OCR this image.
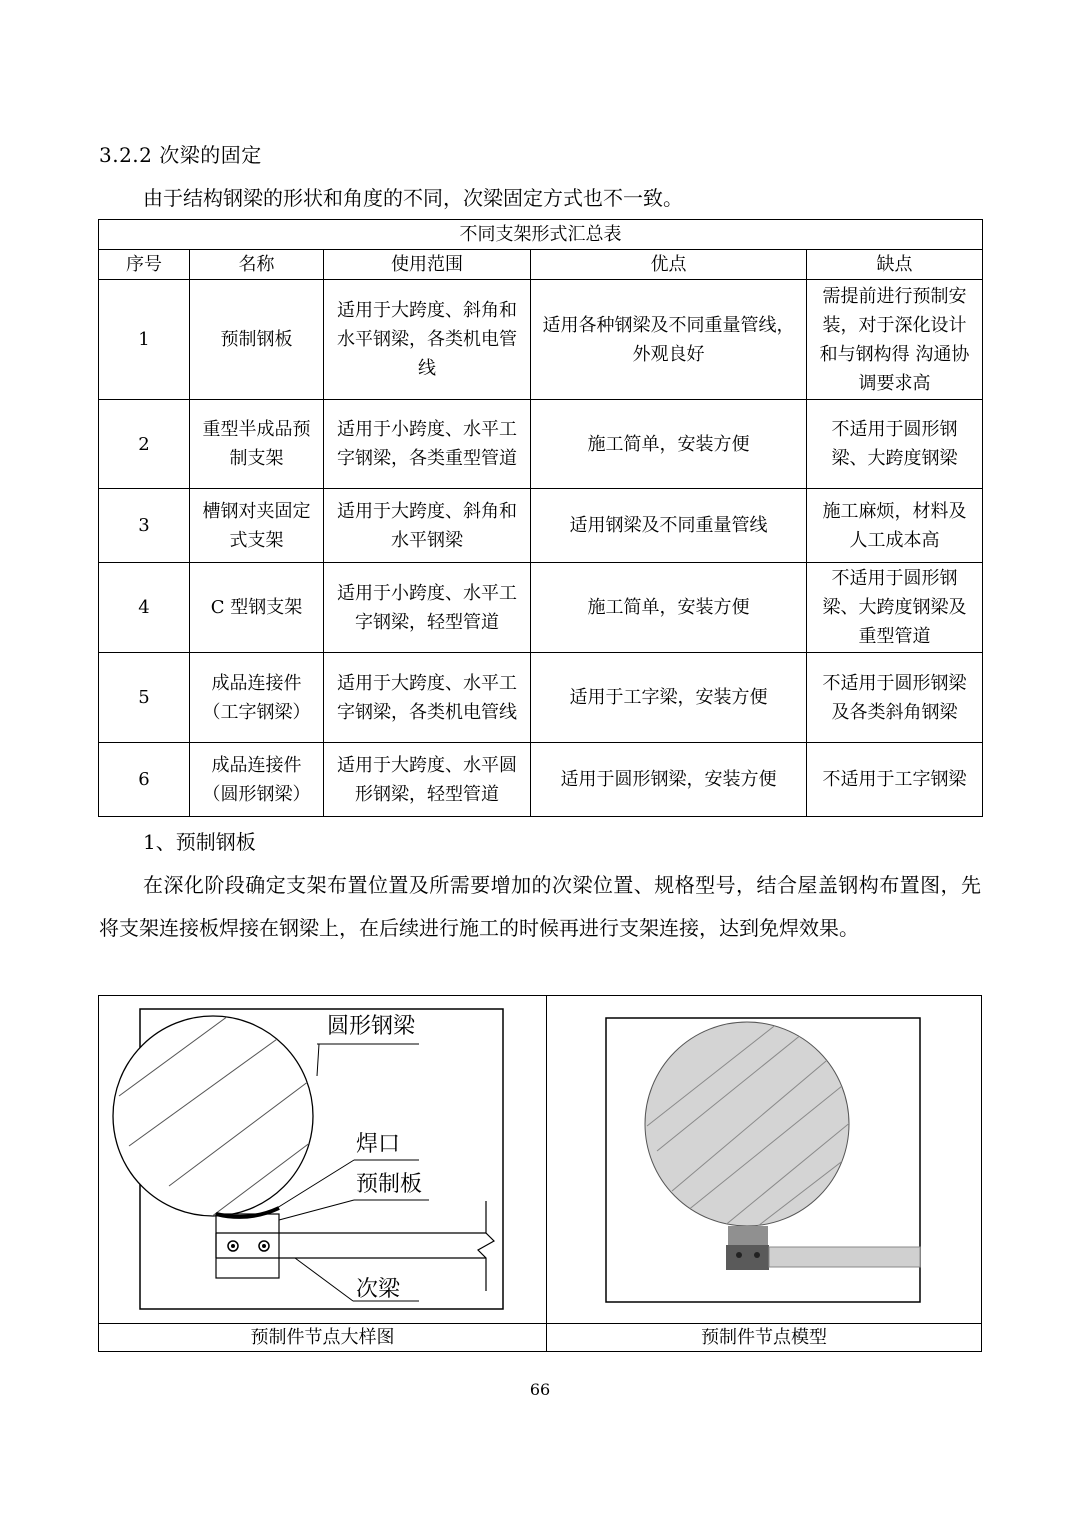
3.2.2 次梁的固定
由于结构钢梁的形状和角度的不同，次梁固定方式也不一致。
不同支架形式汇总表				
序号	名称	使用范围	优点	缺点
1	预制钢板	适用于大跨度、斜角和水平钢梁，各类机电管线	适用各种钢梁及不同重量管线，外观良好	需提前进行预制安装，对于深化设计和与钢构得 沟通协调要求高
2	重型半成品预制支架	适用于小跨度、水平工字钢梁，各类重型管道	施工简单，安装方便	不适用于圆形钢梁、大跨度钢梁
3	槽钢对夹固定式支架	适用于大跨度、斜角和水平钢梁	适用钢梁及不同重量管线	施工麻烦，材料及人工成本高
4	C 型钢支架	适用于小跨度、水平工字钢梁，轻型管道	施工简单，安装方便	不适用于圆形钢梁、大跨度钢梁及重型管道
5	成品连接件（工字钢梁）	适用于大跨度、水平工字钢梁，各类机电管线	适用于工字梁，安装方便	不适用于圆形钢梁及各类斜角钢梁
6	成品连接件（圆形钢梁）	适用于大跨度、水平圆形钢梁，轻型管道	适用于圆形钢梁，安装方便	不适用于工字钢梁
1、预制钢板
在深化阶段确定支架布置位置及所需要增加的次梁位置、规格型号，结合屋盖钢构布置图，先将支架连接板焊接在钢梁上，在后续进行施工的时候再进行支架连接，达到免焊效果。
圆形钢梁
焊口
预制板
次梁
预制件节点大样图	预制件节点模型
66
